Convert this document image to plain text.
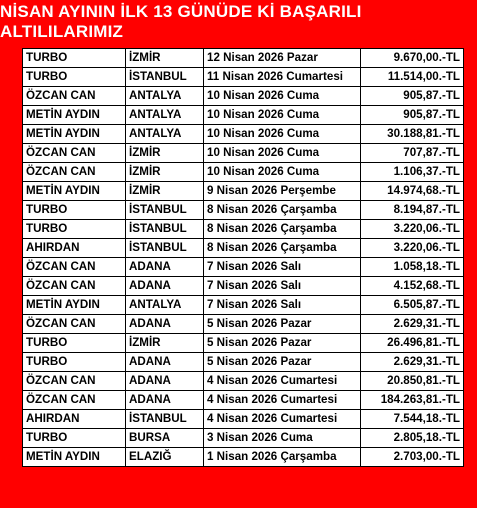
NİSAN AYININ İLK 13 GÜNÜDE Kİ BAŞARILI ALTILILARIMIZ
TURBO	İZMİR	12 Nisan 2026 Pazar	9.670,00.-TL
TURBO	İSTANBUL	11 Nisan 2026 Cumartesi	11.514,00.-TL
ÖZCAN CAN	ANTALYA	10 Nisan 2026 Cuma	905,87.-TL
METİN AYDIN	ANTALYA	10 Nisan 2026 Cuma	905,87.-TL
METİN AYDIN	ANTALYA	10 Nisan 2026 Cuma	30.188,81.-TL
ÖZCAN CAN	İZMİR	10 Nisan 2026 Cuma	707,87.-TL
ÖZCAN CAN	İZMİR	10 Nisan 2026 Cuma	1.106,37.-TL
METİN AYDIN	İZMİR	9 Nisan 2026 Perşembe	14.974,68.-TL
TURBO	İSTANBUL	8 Nisan 2026 Çarşamba	8.194,87.-TL
TURBO	İSTANBUL	8 Nisan 2026 Çarşamba	3.220,06.-TL
AHIRDAN	İSTANBUL	8 Nisan 2026 Çarşamba	3.220,06.-TL
ÖZCAN CAN	ADANA	7 Nisan 2026 Salı	1.058,18.-TL
ÖZCAN CAN	ADANA	7 Nisan 2026 Salı	4.152,68.-TL
METİN AYDIN	ANTALYA	7 Nisan 2026 Salı	6.505,87.-TL
ÖZCAN CAN	ADANA	5 Nisan 2026 Pazar	2.629,31.-TL
TURBO	İZMİR	5 Nisan 2026 Pazar	26.496,81.-TL
TURBO	ADANA	5 Nisan 2026 Pazar	2.629,31.-TL
ÖZCAN CAN	ADANA	4 Nisan 2026 Cumartesi	20.850,81.-TL
ÖZCAN CAN	ADANA	4 Nisan 2026 Cumartesi	184.263,81.-TL
AHIRDAN	İSTANBUL	4 Nisan 2026 Cumartesi	7.544,18.-TL
TURBO	BURSA	3 Nisan 2026 Cuma	2.805,18.-TL
METİN AYDIN	ELAZIĞ	1 Nisan 2026 Çarşamba	2.703,00.-TL
